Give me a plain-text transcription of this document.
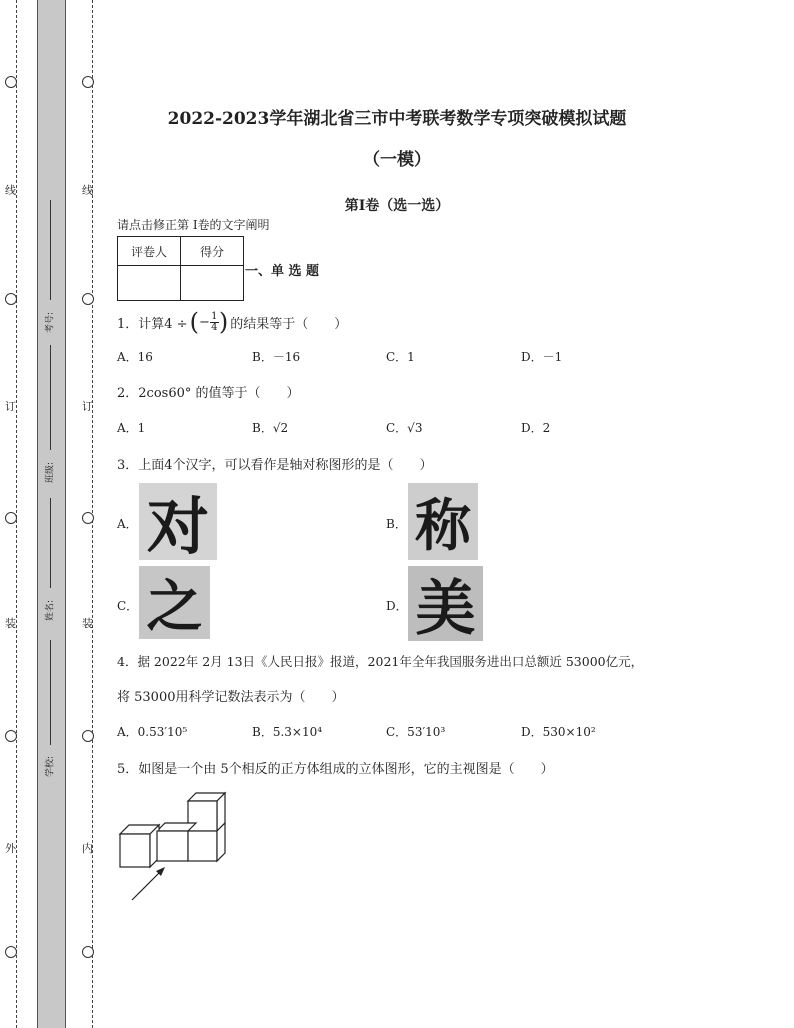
线
订
装
外
线
订
装
内
考号:
班级:
姓名:
学校:
2022-2023学年湖北省三市中考联考数学专项突破模拟试题
（一模）
第I卷（选一选）
请点击修正第 I卷的文字阐明
评卷人	得分

一、单 选 题
1．计算4 ÷ ( − $\frac{1}{4}$ ) 的结果等于（　　）
A．16	B．－16	C．1	D．－1
2．2cos60° 的值等于（　　）
A．1	B．√2	C．√3	D．2
3．上面4个汉字，可以看作是轴对称图形的是（　　）
A． 对	B． 称
C． 之	D． 美
4．据 2022年 2月 13日《人民日报》报道，2021年全年我国服务进出口总额近 53000亿元，
将 53000用科学记数法表示为（　　）
A．0.53′10⁵	B．5.3×10⁴	C．53′10³	D．530×10²
5．如图是一个由 5个相反的正方体组成的立体图形，它的主视图是（　　）
